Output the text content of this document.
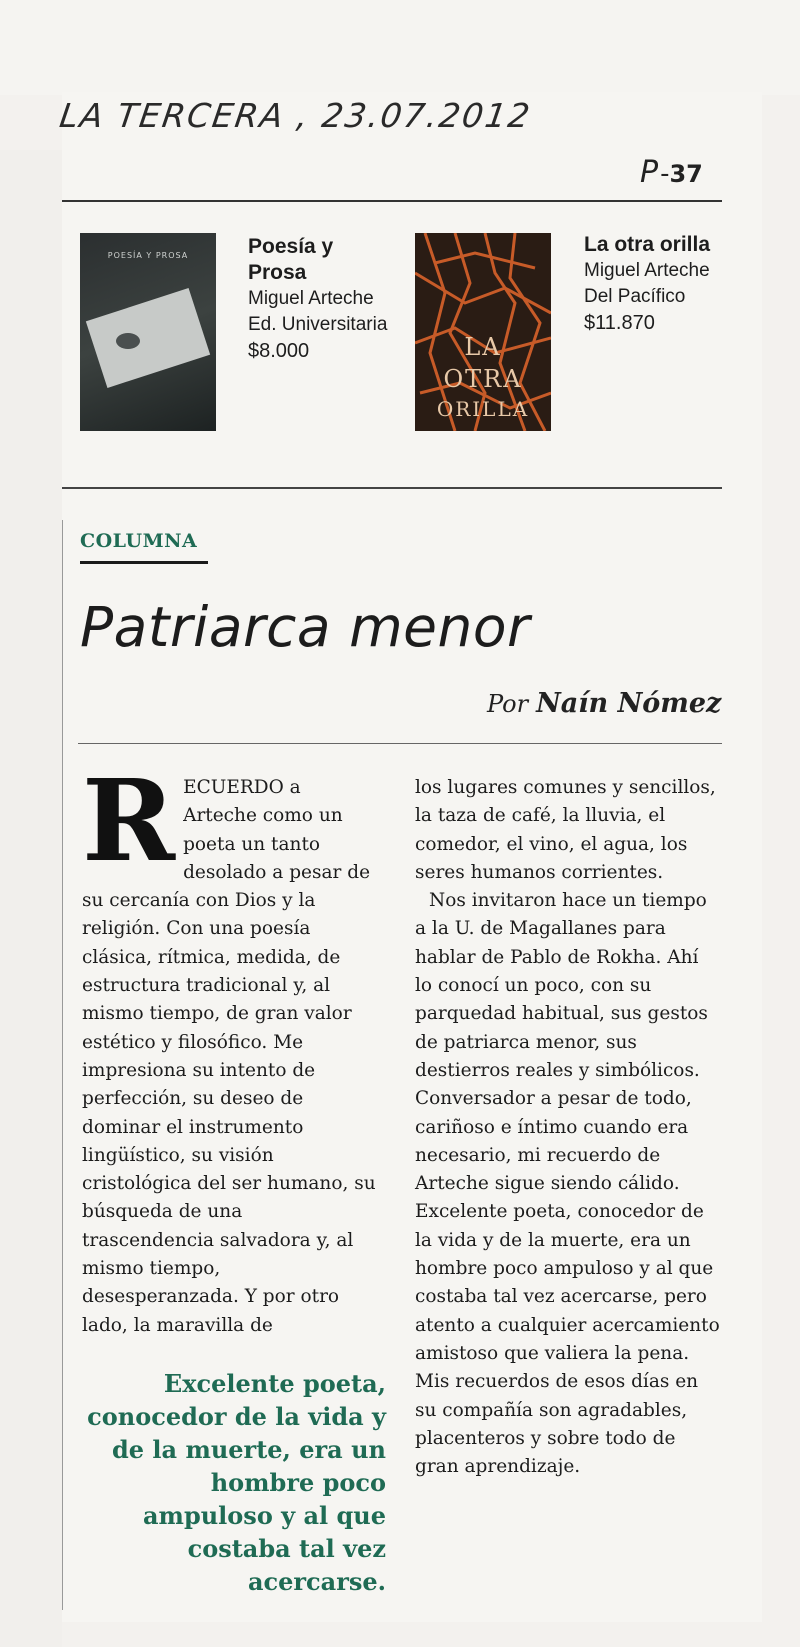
LA TERCERA , 23.07.2012
P-37
POESÍA Y PROSA	Poesía y Prosa
Miguel Arteche
Ed. Universitaria
$8.000	LA
OTRA
ORILLA
La otra orilla
Miguel Arteche
Del Pacífico
$11.870
COLUMNA
Patriarca menor
Por Naín Nómez
R ECUERDO a Arteche como un poeta un tanto desolado a pesar de su cercanía con Dios y la religión. Con una poesía clásica, rítmica, medida, de estructura tradicional y, al mismo tiempo, de gran valor estético y filosófico. Me impresiona su intento de perfección, su deseo de dominar el instrumento lingüístico, su visión cristológica del ser humano, su búsqueda de una trascendencia salvadora y, al mismo tiempo, desesperanzada. Y por otro lado, la maravilla de

Excelente poeta, conocedor de la vida y de la muerte, era un hombre poco ampuloso y al que costaba tal vez acercarse.

los lugares comunes y sencillos, la taza de café, la lluvia, el comedor, el vino, el agua, los seres humanos corrientes.

Nos invitaron hace un tiempo a la U. de Magallanes para hablar de Pablo de Rokha. Ahí lo conocí un poco, con su parquedad habitual, sus gestos de patriarca menor, sus destierros reales y simbólicos. Conversador a pesar de todo, cariñoso e íntimo cuando era necesario, mi recuerdo de Arteche sigue siendo cálido. Excelente poeta, conocedor de la vida y de la muerte, era un hombre poco ampuloso y al que costaba tal vez acercarse, pero atento a cualquier acercamiento amistoso que valiera la pena. Mis recuerdos de esos días en su compañía son agradables, placenteros y sobre todo de gran aprendizaje.
